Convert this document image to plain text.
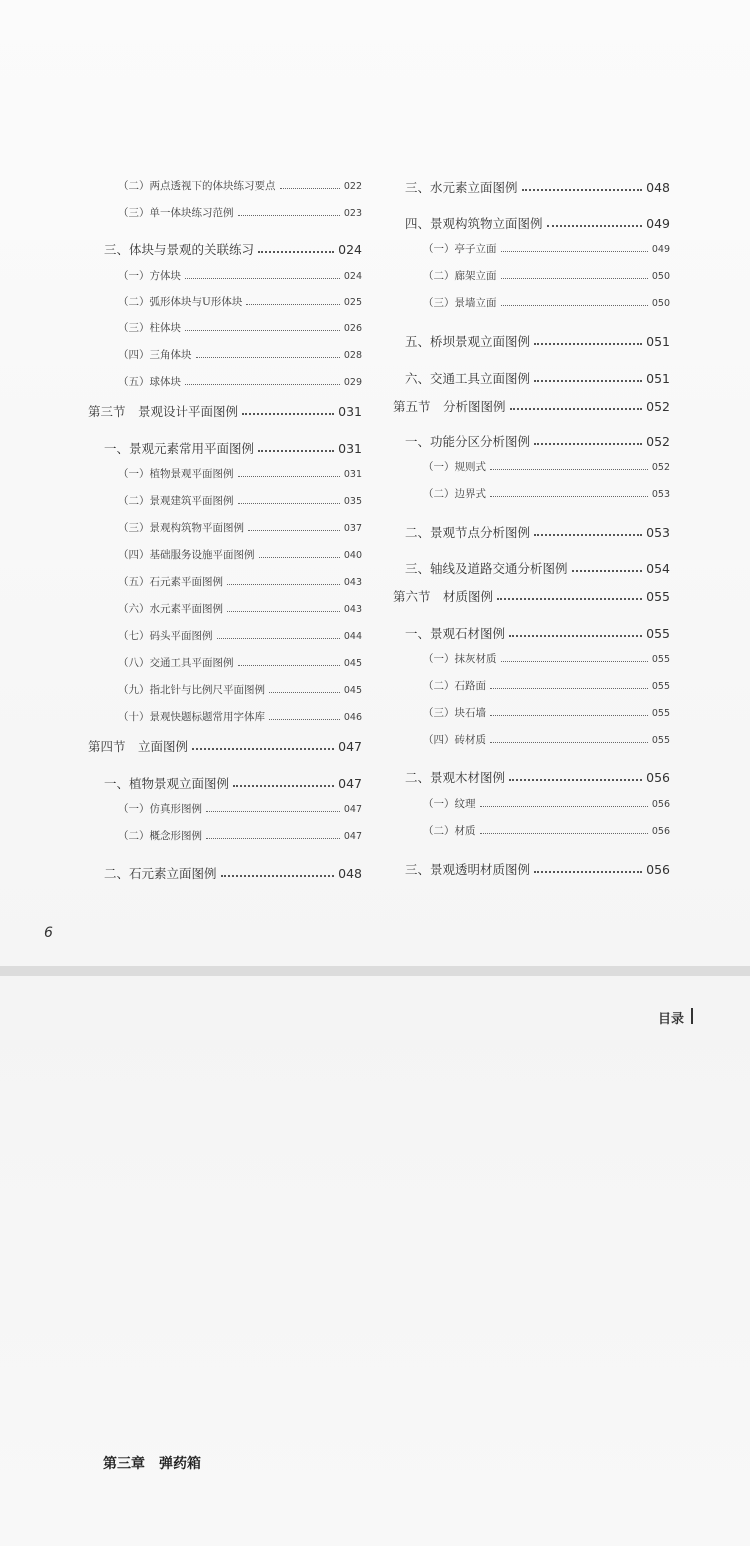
（二）两点透视下的体块练习要点	022
（三）单一体块练习范例	023
三、体块与景观的关联练习	024
（一）方体块	024
（二）弧形体块与U形体块	025
（三）柱体块	026
（四）三角体块	028
（五）球体块	029
第三节　景观设计平面图例	031
一、景观元素常用平面图例	031
（一）植物景观平面图例	031
（二）景观建筑平面图例	035
（三）景观构筑物平面图例	037
（四）基础服务设施平面图例	040
（五）石元素平面图例	043
（六）水元素平面图例	043
（七）码头平面图例	044
（八）交通工具平面图例	045
（九）指北针与比例尺平面图例	045
（十）景观快题标题常用字体库	046
第四节　立面图例	047
一、植物景观立面图例	047
（一）仿真形图例	047
（二）概念形图例	047
二、石元素立面图例	048
三、水元素立面图例	048
四、景观构筑物立面图例	049
（一）亭子立面	049
（二）廊架立面	050
（三）景墙立面	050
五、桥坝景观立面图例	051
六、交通工具立面图例	051
第五节　分析图图例	052
一、功能分区分析图例	052
（一）规则式	052
（二）边界式	053
二、景观节点分析图例	053
三、轴线及道路交通分析图例	054
第六节　材质图例	055
一、景观石材图例	055
（一）抹灰材质	055
（二）石路面	055
（三）块石墙	055
（四）砖材质	055
二、景观木材图例	056
（一）纹理	056
（二）材质	056
三、景观透明材质图例	056
6
目录
第三章　弹药箱
